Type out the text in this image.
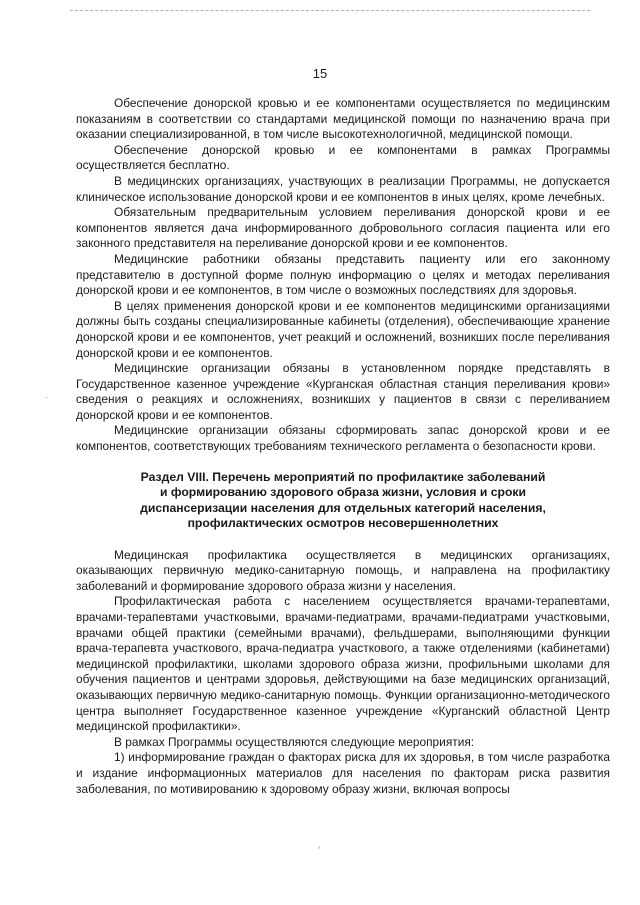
15

Обеспечение донорской кровью и ее компонентами осуществляется по медицинским показаниям в соответствии со стандартами медицинской помощи по назначению врача при оказании специализированной, в том числе высокотехнологичной, медицинской помощи.

Обеспечение донорской кровью и ее компонентами в рамках Программы осуществляется бесплатно.

В медицинских организациях, участвующих в реализации Программы, не допускается клиническое использование донорской крови и ее компонентов в иных целях, кроме лечебных.

Обязательным предварительным условием переливания донорской крови и ее компонентов является дача информированного добровольного согласия пациента или его законного представителя на переливание донорской крови и ее компонентов.

Медицинские работники обязаны представить пациенту или его законному представителю в доступной форме полную информацию о целях и методах переливания донорской крови и ее компонентов, в том числе о возможных последствиях для здоровья.

В целях применения донорской крови и ее компонентов медицинскими организациями должны быть созданы специализированные кабинеты (отделения), обеспечивающие хранение донорской крови и ее компонентов, учет реакций и осложнений, возникших после переливания донорской крови и ее компонентов.

Медицинские организации обязаны в установленном порядке представлять в Государственное казенное учреждение «Курганская областная станция переливания крови» сведения о реакциях и осложнениях, возникших у пациентов в связи с переливанием донорской крови и ее компонентов.

Медицинские организации обязаны сформировать запас донорской крови и ее компонентов, соответствующих требованиям технического регламента о безопасности крови.

Раздел VIII. Перечень мероприятий по профилактике заболеваний
и формированию здорового образа жизни, условия и сроки
диспансеризации населения для отдельных категорий населения,
профилактических осмотров несовершеннолетних

Медицинская профилактика осуществляется в медицинских организациях, оказывающих первичную медико-санитарную помощь, и направлена на профилактику заболеваний и формирование здорового образа жизни у населения.

Профилактическая работа с населением осуществляется врачами-терапевтами, врачами-терапевтами участковыми, врачами-педиатрами, врачами-педиатрами участковыми, врачами общей практики (семейными врачами), фельдшерами, выполняющими функции врача-терапевта участкового, врача-педиатра участкового, а также отделениями (кабинетами) медицинской профилактики, школами здорового образа жизни, профильными школами для обучения пациентов и центрами здоровья, действующими на базе медицинских организаций, оказывающих первичную медико-санитарную помощь. Функции организационно-методического центра выполняет Государственное казенное учреждение «Курганский областной Центр медицинской профилактики».

В рамках Программы осуществляются следующие мероприятия:

1) информирование граждан о факторах риска для их здоровья, в том числе разработка и издание информационных материалов для населения по факторам риска развития заболевания, по мотивированию к здоровому образу жизни, включая вопросы

·
ʼ
